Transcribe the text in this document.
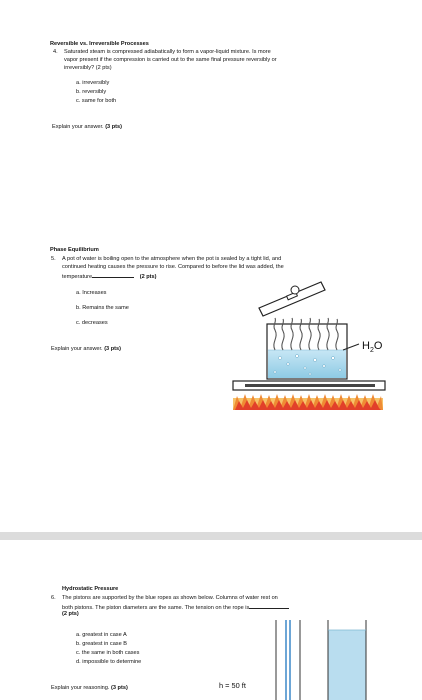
Reversible vs. Irreversible Processes
4. Saturated steam is compressed adiabatically to form a vapor-liquid mixture. Is more
vapor present if the compression is carried out to the same final pressure reversibly or
irreversibly? (2 pts)
a. irreversibly
b. reversibly
c. same for both
Explain your answer. (3 pts)
Phase Equilibrium
5. A pot of water is boiling open to the atmosphere when the pot is sealed by a tight lid, and
continued heating causes the pressure to rise. Compared to before the lid was added, the
temperature	(2 pts)
a. Increases
b. Remains the same
c. decreases
Explain your answer. (3 pts)	$H_2O$
Hydrostatic Pressure
6. The pistons are supported by the blue ropes as shown below. Columns of water rest on
both pistons. The piston diameters are the same. The tension on the rope is
(2 pts)
a. greatest in case A
b. greatest in case B
c. the same in both cases
d. impossible to determine
Explain your reasoning. (3 pts)	h = 50 ft
